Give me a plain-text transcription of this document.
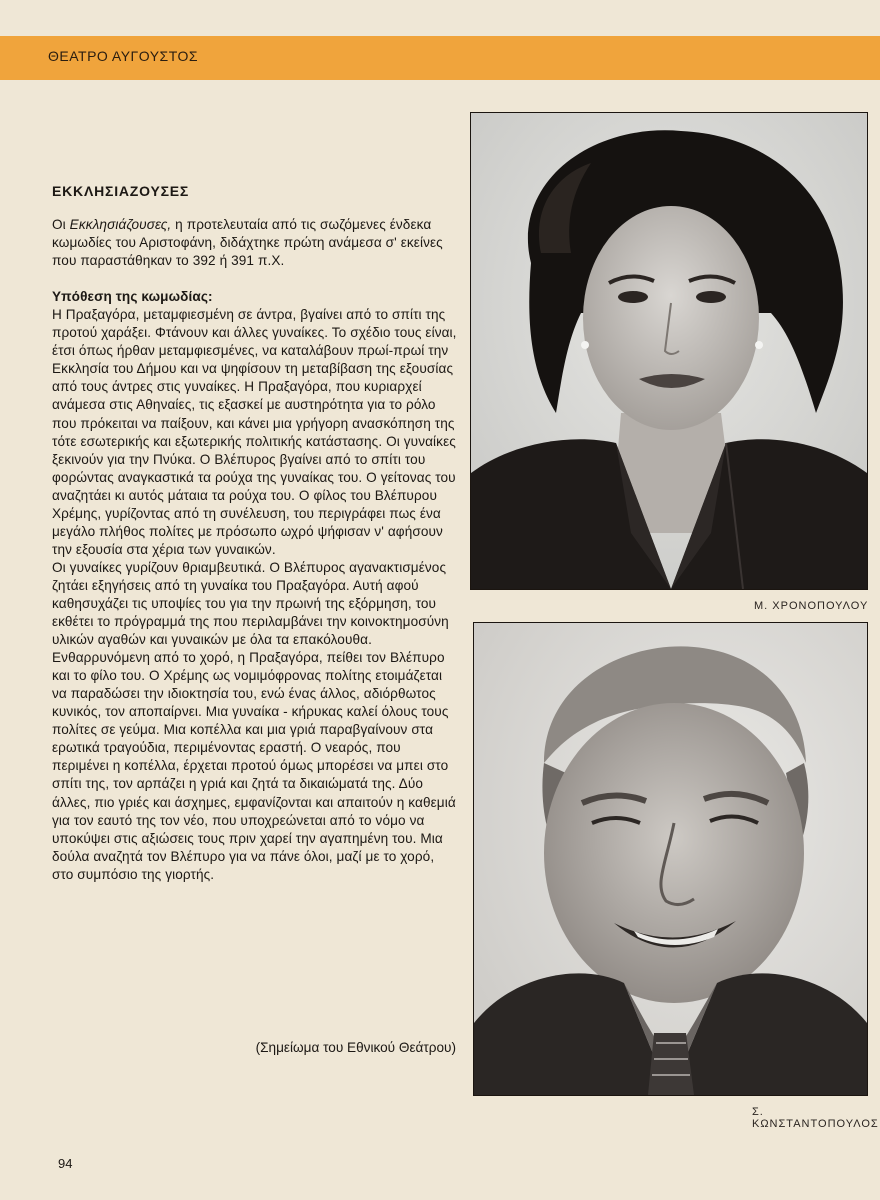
ΘΕΑΤΡΟ ΑΥΓΟΥΣΤΟΣ

ΕΚΚΛΗΣΙΑΖΟΥΣΕΣ

Οι Εκκλησιάζουσες, η προτελευταία από τις σωζόμενες ένδεκα κωμωδίες του Αριστοφάνη, διδάχτηκε πρώτη ανάμεσα σ' εκείνες που παραστάθηκαν το 392 ή 391 π.Χ.

Υπόθεση της κωμωδίας:

Η Πραξαγόρα, μεταμφιεσμένη σε άντρα, βγαίνει από το σπίτι της προτού χαράξει. Φτάνουν και άλλες γυναίκες. Το σχέδιο τους είναι, έτσι όπως ήρθαν μεταμφιεσμένες, να καταλάβουν πρωί-πρωί την Εκκλησία του Δήμου και να ψηφίσουν τη μεταβίβαση της εξουσίας από τους άντρες στις γυναίκες. Η Πραξαγόρα, που κυριαρχεί ανάμεσα στις Αθηναίες, τις εξασκεί με αυστηρότητα για το ρόλο που πρόκειται να παίξουν, και κάνει μια γρήγορη ανασκόπηση της τότε εσωτερικής και εξωτερικής πολιτικής κατάστασης. Οι γυναίκες ξεκινούν για την Πνύκα. Ο Βλέπυρος βγαίνει από το σπίτι του φορώντας αναγκαστικά τα ρούχα της γυναίκας του. Ο γείτονας του αναζητάει κι αυτός μάταια τα ρούχα του. Ο φίλος του Βλέπυρου Χρέμης, γυρίζοντας από τη συνέλευση, του περιγράφει πως ένα μεγάλο πλήθος πολίτες με πρόσωπο ωχρό ψήφισαν ν' αφήσουν την εξουσία στα χέρια των γυναικών.

Οι γυναίκες γυρίζουν θριαμβευτικά. Ο Βλέπυρος αγανακτισμένος ζητάει εξηγήσεις από τη γυναίκα του Πραξαγόρα. Αυτή αφού καθησυχάζει τις υποψίες του για την πρωινή της εξόρμηση, του εκθέτει το πρόγραμμά της που περιλαμβάνει την κοινοκτημοσύνη υλικών αγαθών και γυναικών με όλα τα επακόλουθα. Ενθαρρυνόμενη από το χορό, η Πραξαγόρα, πείθει τον Βλέπυρο και το φίλο του. Ο Χρέμης ως νομιμόφρονας πολίτης ετοιμάζεται να παραδώσει την ιδιοκτησία του, ενώ ένας άλλος, αδιόρθωτος κυνικός, τον αποπαίρνει. Μια γυναίκα - κήρυκας καλεί όλους τους πολίτες σε γεύμα. Μια κοπέλλα και μια γριά παραβγαίνουν στα ερωτικά τραγούδια, περιμένοντας εραστή. Ο νεαρός, που περιμένει η κοπέλλα, έρχεται προτού όμως μπορέσει να μπει στο σπίτι της, τον αρπάζει η γριά και ζητά τα δικαιώματά της. Δύο άλλες, πιο γριές και άσχημες, εμφανίζονται και απαιτούν η καθεμιά για τον εαυτό της τον νέο, που υποχρεώνεται από το νόμο να υποκύψει στις αξιώσεις τους πριν χαρεί την αγαπημένη του. Μια δούλα αναζητά τον Βλέπυρο για να πάνε όλοι, μαζί με το χορό, στο συμπόσιο της γιορτής.

(Σημείωμα του Εθνικού Θεάτρου)
Μ. ΧΡΟΝΟΠΟΥΛΟΥ
Σ. ΚΩΝΣΤΑΝΤΟΠΟΥΛΟΣ
94
